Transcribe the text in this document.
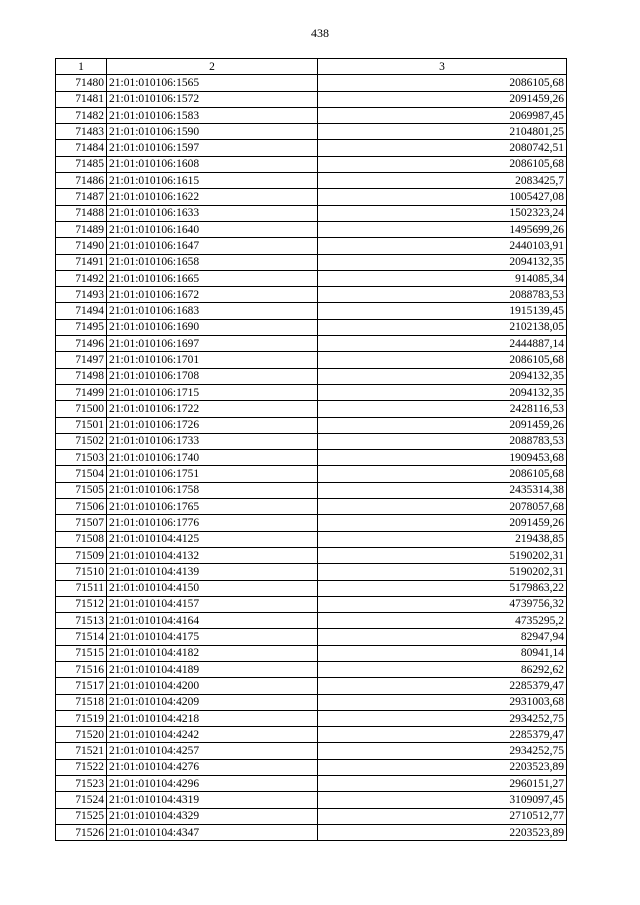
438
1	2	3
71480	21:01:010106:1565	2086105,68
71481	21:01:010106:1572	2091459,26
71482	21:01:010106:1583	2069987,45
71483	21:01:010106:1590	2104801,25
71484	21:01:010106:1597	2080742,51
71485	21:01:010106:1608	2086105,68
71486	21:01:010106:1615	2083425,7
71487	21:01:010106:1622	1005427,08
71488	21:01:010106:1633	1502323,24
71489	21:01:010106:1640	1495699,26
71490	21:01:010106:1647	2440103,91
71491	21:01:010106:1658	2094132,35
71492	21:01:010106:1665	914085,34
71493	21:01:010106:1672	2088783,53
71494	21:01:010106:1683	1915139,45
71495	21:01:010106:1690	2102138,05
71496	21:01:010106:1697	2444887,14
71497	21:01:010106:1701	2086105,68
71498	21:01:010106:1708	2094132,35
71499	21:01:010106:1715	2094132,35
71500	21:01:010106:1722	2428116,53
71501	21:01:010106:1726	2091459,26
71502	21:01:010106:1733	2088783,53
71503	21:01:010106:1740	1909453,68
71504	21:01:010106:1751	2086105,68
71505	21:01:010106:1758	2435314,38
71506	21:01:010106:1765	2078057,68
71507	21:01:010106:1776	2091459,26
71508	21:01:010104:4125	219438,85
71509	21:01:010104:4132	5190202,31
71510	21:01:010104:4139	5190202,31
71511	21:01:010104:4150	5179863,22
71512	21:01:010104:4157	4739756,32
71513	21:01:010104:4164	4735295,2
71514	21:01:010104:4175	82947,94
71515	21:01:010104:4182	80941,14
71516	21:01:010104:4189	86292,62
71517	21:01:010104:4200	2285379,47
71518	21:01:010104:4209	2931003,68
71519	21:01:010104:4218	2934252,75
71520	21:01:010104:4242	2285379,47
71521	21:01:010104:4257	2934252,75
71522	21:01:010104:4276	2203523,89
71523	21:01:010104:4296	2960151,27
71524	21:01:010104:4319	3109097,45
71525	21:01:010104:4329	2710512,77
71526	21:01:010104:4347	2203523,89
